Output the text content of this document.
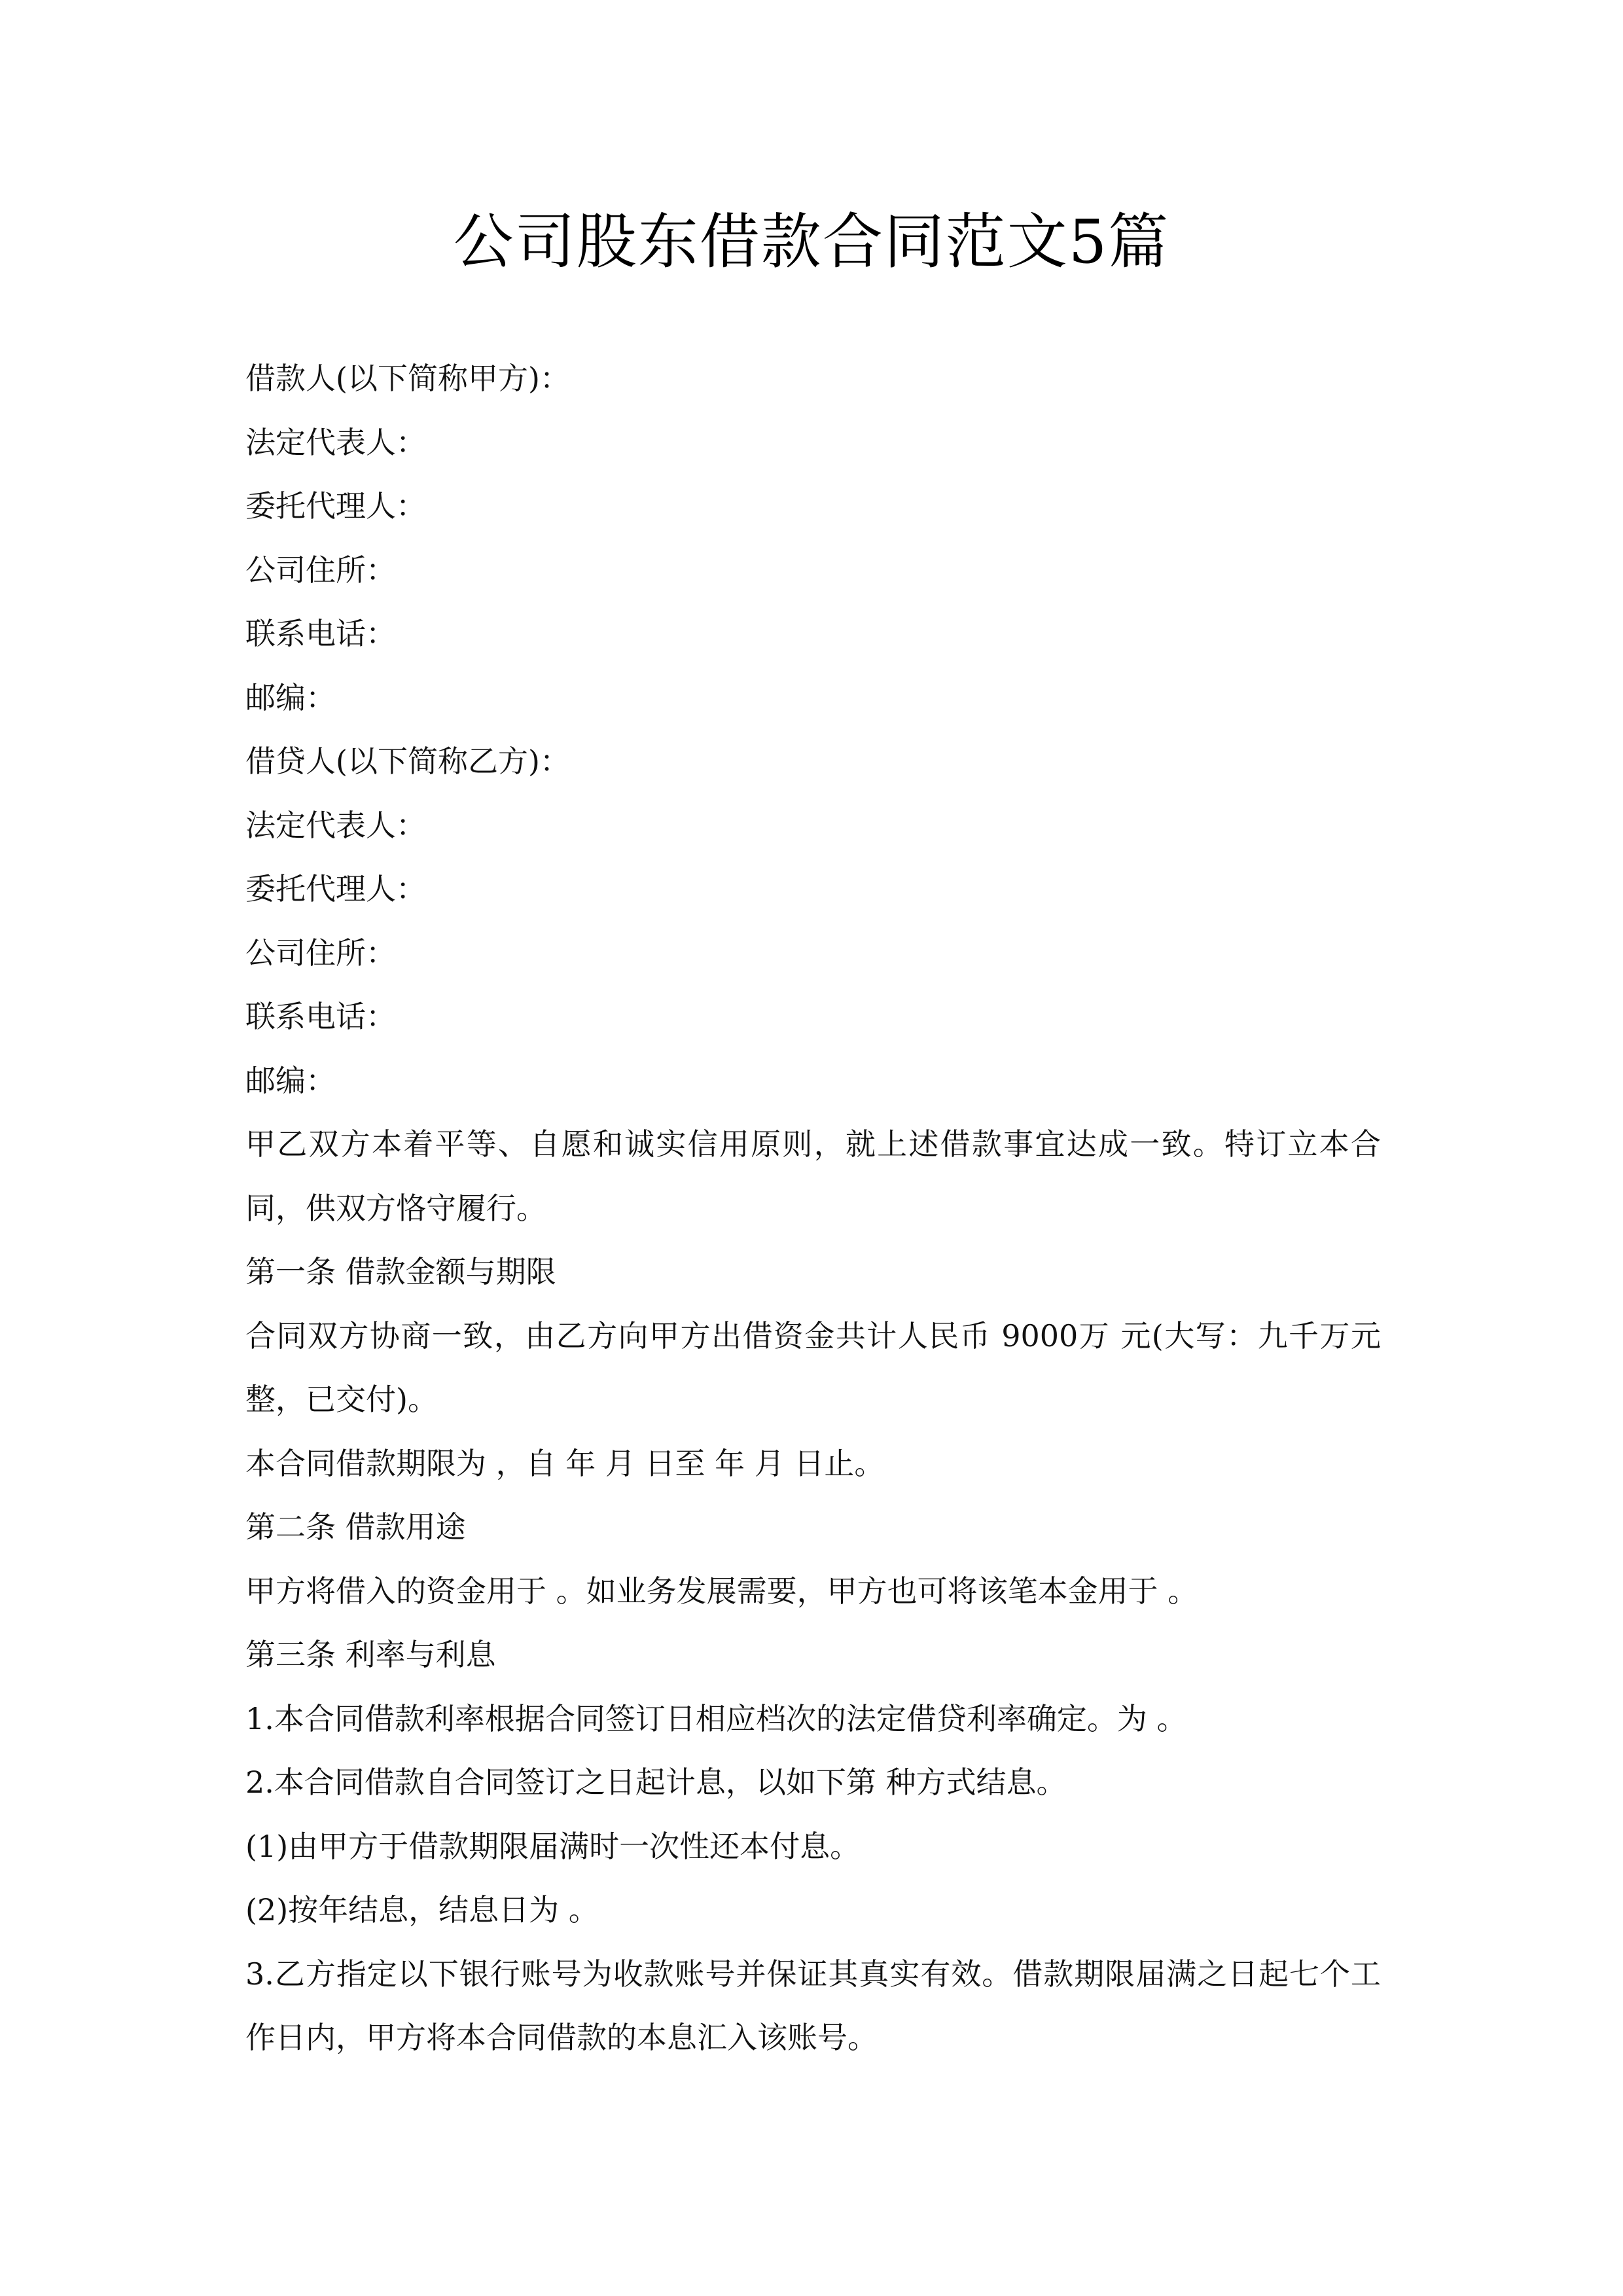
公司股东借款合同范文5篇

借款人(以下简称甲方)：

法定代表人：

委托代理人：

公司住所：

联系电话：

邮编：

借贷人(以下简称乙方)：

法定代表人：

委托代理人：

公司住所：

联系电话：

邮编：

甲乙双方本着平等、自愿和诚实信用原则，就上述借款事宜达成一致。特订立本合同，供双方恪守履行。

第一条 借款金额与期限

合同双方协商一致，由乙方向甲方出借资金共计人民币 9000万 元(大写：九千万元整，已交付)。

本合同借款期限为 ，自 年 月 日至 年 月 日止。

第二条 借款用途

甲方将借入的资金用于 。如业务发展需要，甲方也可将该笔本金用于 。

第三条 利率与利息

1.本合同借款利率根据合同签订日相应档次的法定借贷利率确定。为 。

2.本合同借款自合同签订之日起计息，以如下第 种方式结息。

(1)由甲方于借款期限届满时一次性还本付息。

(2)按年结息，结息日为 。

3.乙方指定以下银行账号为收款账号并保证其真实有效。借款期限届满之日起七个工作日内，甲方将本合同借款的本息汇入该账号。
